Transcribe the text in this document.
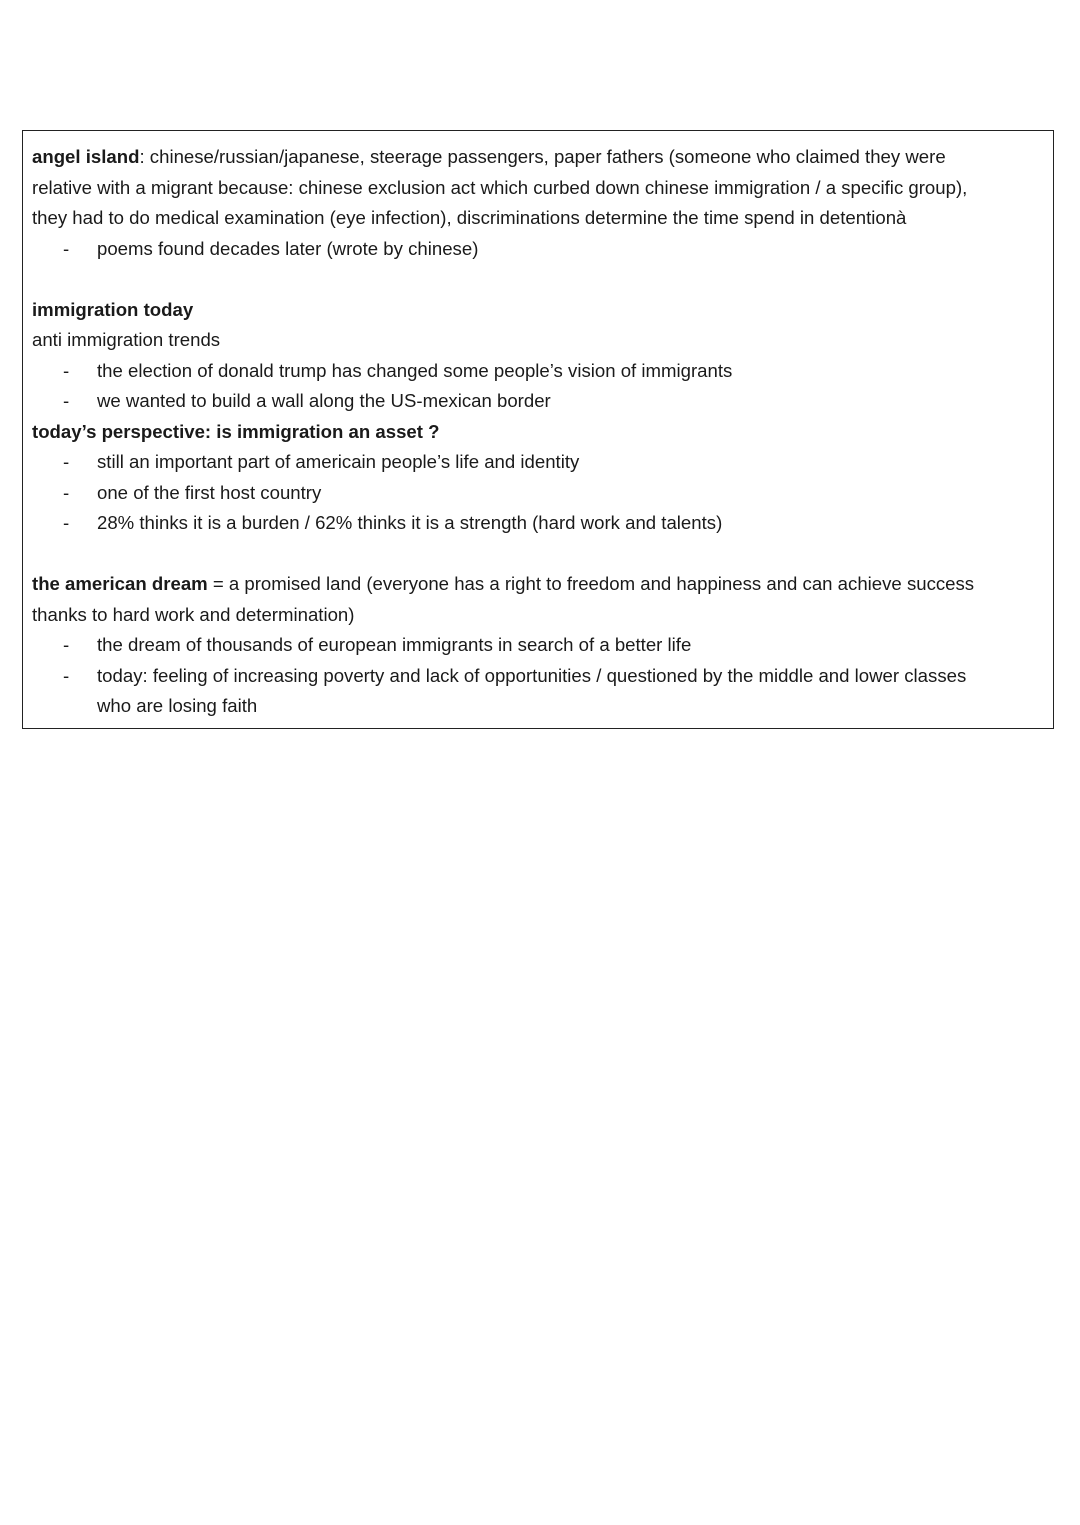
angel island: chinese/russian/japanese, steerage passengers, paper fathers (someone who claimed they were
relative with a migrant because: chinese exclusion act which curbed down chinese immigration / a specific group),
they had to do medical examination (eye infection), discriminations determine the time spend in detentionà
- poems found decades later (wrote by chinese)
immigration today
anti immigration trends
- the election of donald trump has changed some people’s vision of immigrants
- we wanted to build a wall along the US-mexican border
today’s perspective: is immigration an asset ?
- still an important part of americain people’s life and identity
- one of the first host country
- 28% thinks it is a burden / 62% thinks it is a strength (hard work and talents)
the american dream = a promised land (everyone has a right to freedom and happiness and can achieve success
thanks to hard work and determination)
- the dream of thousands of european immigrants in search of a better life
- today: feeling of increasing poverty and lack of opportunities / questioned by the middle and lower classes
who are losing faith
